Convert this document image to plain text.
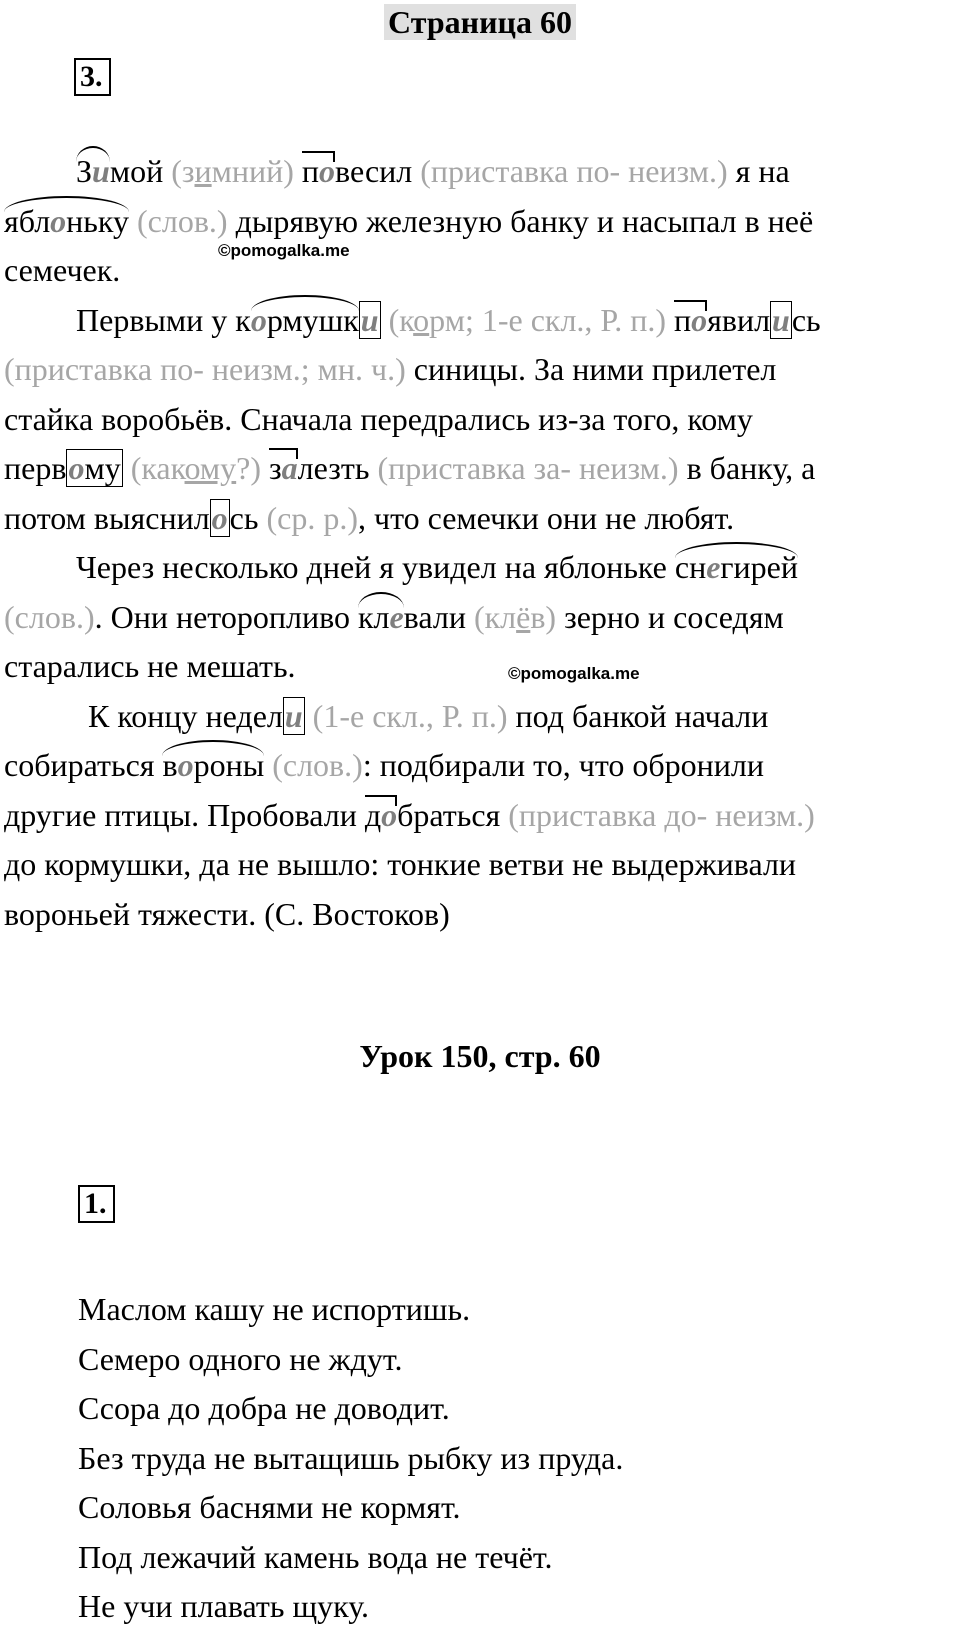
Страница 60
3.

Зимой (зимний) повесил (приставка по- неизм.) я на

яблоньку (слов.) дырявую железную банку и насыпал в неё

семечек.

Первыми у кормушки (корм; 1-е скл., Р. п.) появились

(приставка по- неизм.; мн. ч.) синицы. За ними прилетел

стайка воробьёв. Сначала передрались из-за того, кому

первому (какому?) залезть (приставка за- неизм.) в банку, а

потом выяснилось (ср. р.), что семечки они не любят.

Через несколько дней я увидел на яблоньке снегирей

(слов.). Они неторопливо клевали (клёв) зерно и соседям

старались не мешать.

К концу недели (1-е скл., Р. п.) под банкой начали

собираться вороны (слов.): подбирали то, что обронили

другие птицы. Пробовали добраться (приставка до- неизм.)

до кормушки, да не вышло: тонкие ветви не выдерживали

вороньей тяжести. (С. Востоков)

©pomogalka.me
©pomogalka.me
Урок 150, стр. 60
1.
Маслом кашу не испортишь.
Семеро одного не ждут.
Ссора до добра не доводит.
Без труда не вытащишь рыбку из пруда.
Соловья баснями не кормят.
Под лежачий камень вода не течёт.
Не учи плавать щуку.
